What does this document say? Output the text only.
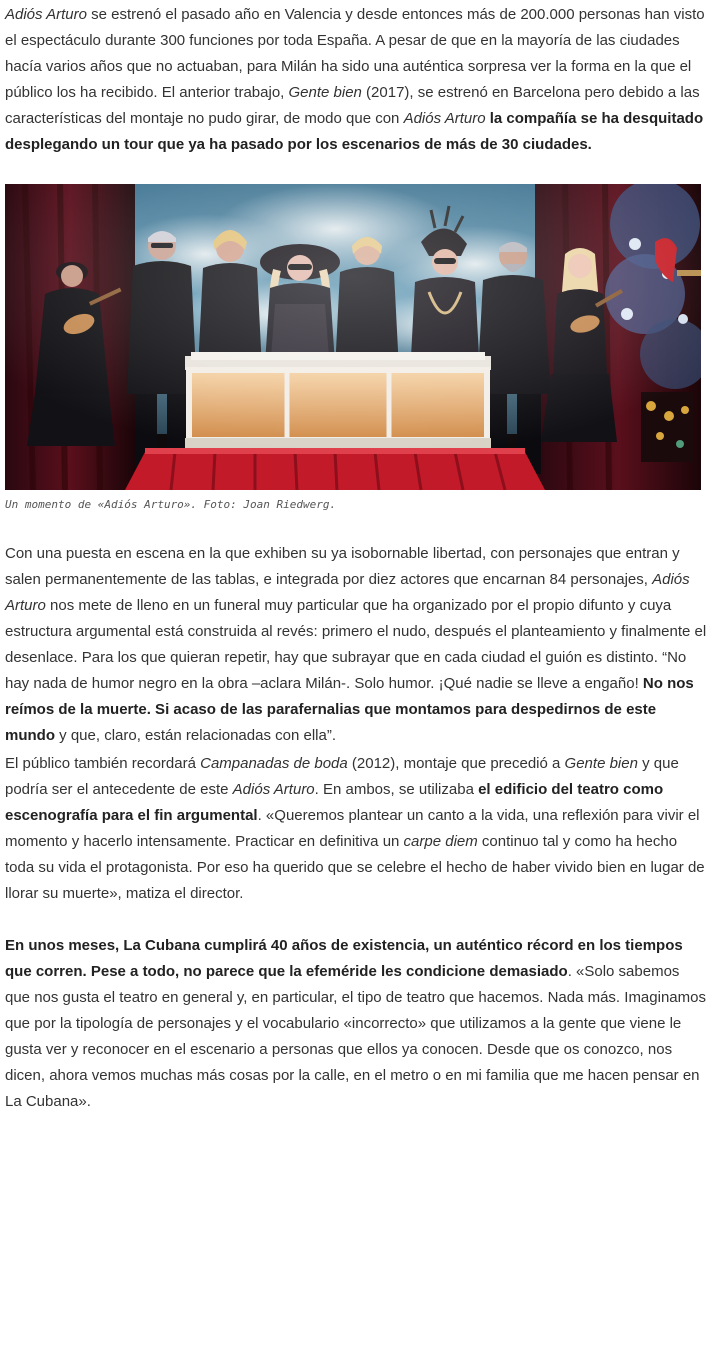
Adiós Arturo se estrenó el pasado año en Valencia y desde entonces más de 200.000 personas han visto el espectáculo durante 300 funciones por toda España. A pesar de que en la mayoría de las ciudades hacía varios años que no actuaban, para Milán ha sido una auténtica sorpresa ver la forma en la que el público los ha recibido. El anterior trabajo, Gente bien (2017), se estrenó en Barcelona pero debido a las características del montaje no pudo girar, de modo que con Adiós Arturo la compañía se ha desquitado desplegando un tour que ya ha pasado por los escenarios de más de 30 ciudades.

Un momento de «Adiós Arturo». Foto: Joan Riedwerg.

Con una puesta en escena en la que exhiben su ya isobornable libertad, con personajes que entran y salen permanentemente de las tablas, e integrada por diez actores que encarnan 84 personajes, Adiós Arturo nos mete de lleno en un funeral muy particular que ha organizado por el propio difunto y cuya estructura argumental está construida al revés: primero el nudo, después el planteamiento y finalmente el desenlace. Para los que quieran repetir, hay que subrayar que en cada ciudad el guión es distinto. “No hay nada de humor negro en la obra –aclara Milán-. Solo humor. ¡Qué nadie se lleve a engaño! No nos reímos de la muerte. Si acaso de las parafernalias que montamos para despedirnos de este mundo y que, claro, están relacionadas con ella”.

El público también recordará Campanadas de boda (2012), montaje que precedió a Gente bien y que podría ser el antecedente de este Adiós Arturo. En ambos, se utilizaba el edificio del teatro como escenografía para el fin argumental. «Queremos plantear un canto a la vida, una reflexión para vivir el momento y hacerlo intensamente. Practicar en definitiva un carpe diem continuo tal y como ha hecho toda su vida el protagonista. Por eso ha querido que se celebre el hecho de haber vivido bien en lugar de llorar su muerte», matiza el director.

En unos meses, La Cubana cumplirá 40 años de existencia, un auténtico récord en los tiempos que corren. Pese a todo, no parece que la efeméride les condicione demasiado. «Solo sabemos que nos gusta el teatro en general y, en particular, el tipo de teatro que hacemos. Nada más. Imaginamos que por la tipología de personajes y el vocabulario «incorrecto» que utilizamos a la gente que viene le gusta ver y reconocer en el escenario a personas que ellos ya conocen. Desde que os conozco, nos dicen, ahora vemos muchas más cosas por la calle, en el metro o en mi familia que me hacen pensar en La Cubana».
